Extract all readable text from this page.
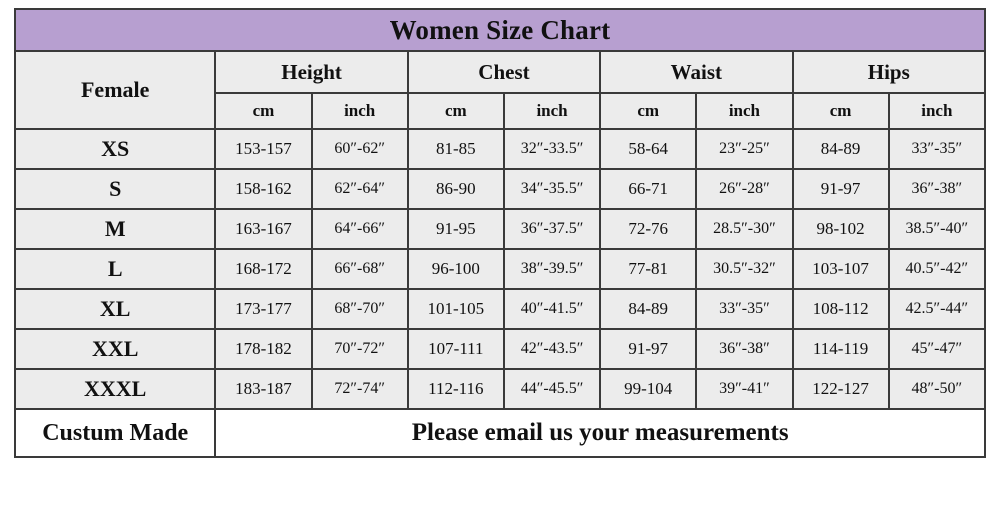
Women Size Chart								
Female	Height		Chest		Waist		Hips	
	cm	inch	cm	inch	cm	inch	cm	inch
XS	153-157	60″-62″	81-85	32″-33.5″	58-64	23″-25″	84-89	33″-35″
S	158-162	62″-64″	86-90	34″-35.5″	66-71	26″-28″	91-97	36″-38″
M	163-167	64″-66″	91-95	36″-37.5″	72-76	28.5″-30″	98-102	38.5″-40″
L	168-172	66″-68″	96-100	38″-39.5″	77-81	30.5″-32″	103-107	40.5″-42″
XL	173-177	68″-70″	101-105	40″-41.5″	84-89	33″-35″	108-112	42.5″-44″
XXL	178-182	70″-72″	107-111	42″-43.5″	91-97	36″-38″	114-119	45″-47″
XXXL	183-187	72″-74″	112-116	44″-45.5″	99-104	39″-41″	122-127	48″-50″
Custum Made	Please email us your measurements							
